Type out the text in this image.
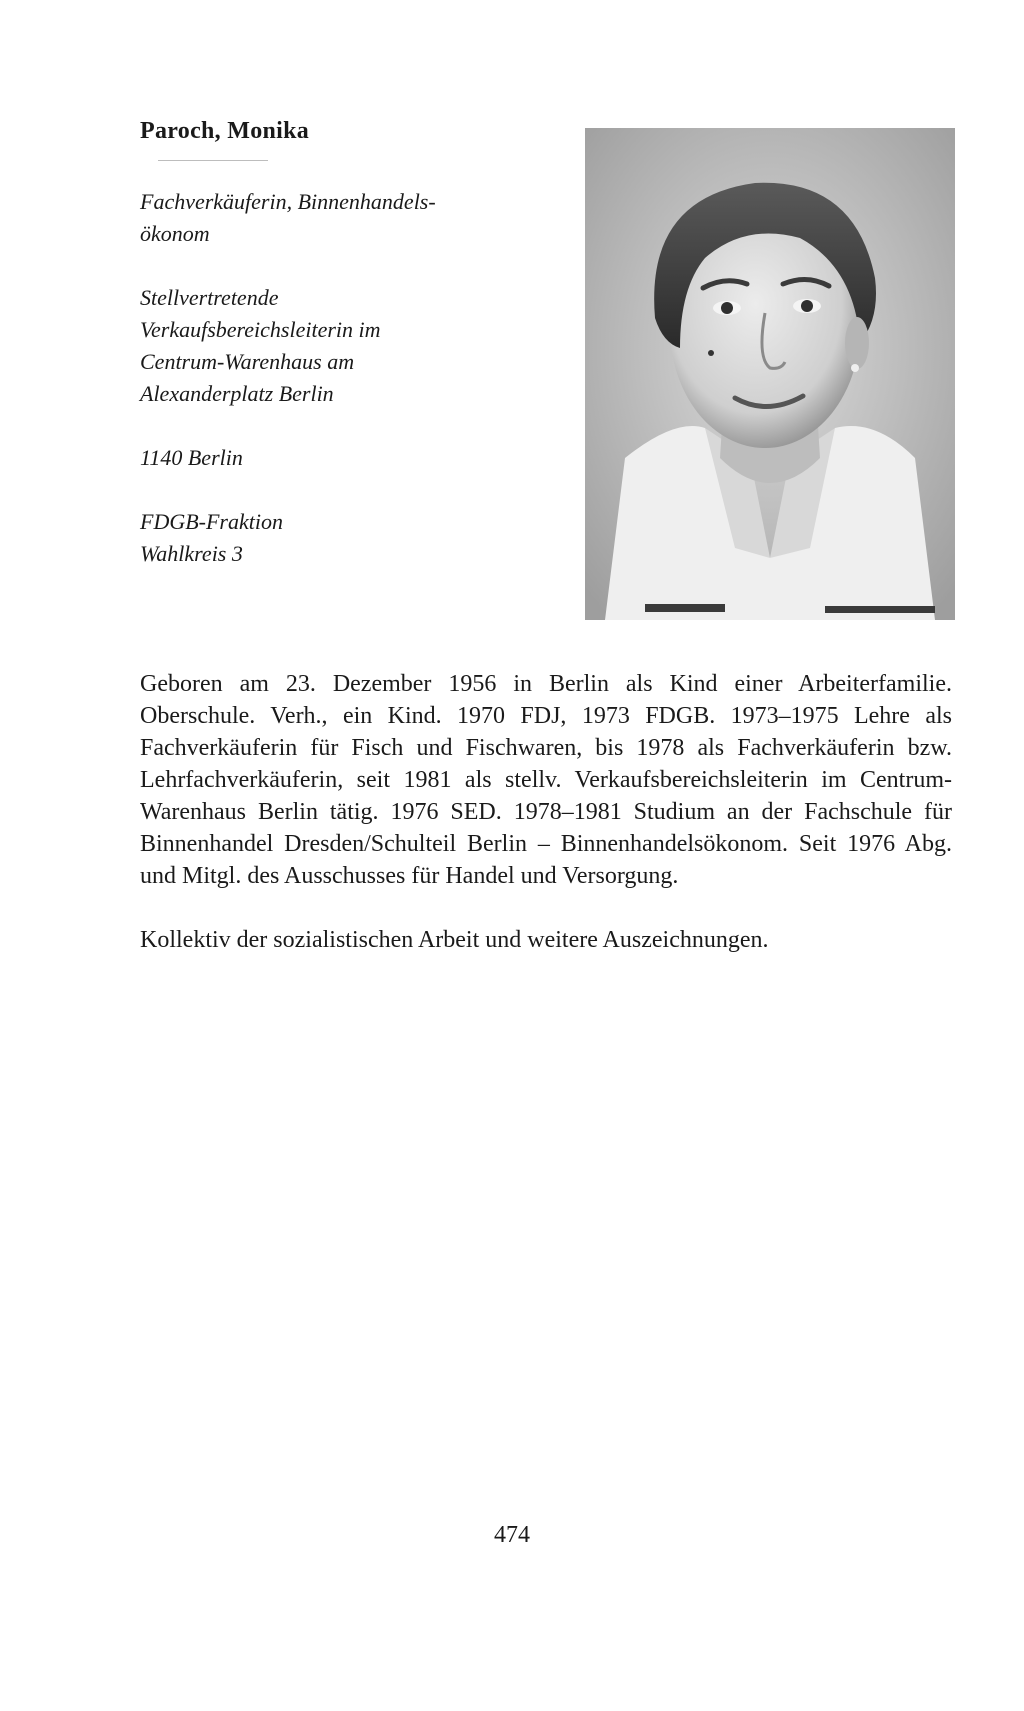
Paroch, Monika
Fachverkäuferin, Binnenhandels-
ökonom
Stellvertretende
Verkaufsbereichsleiterin im
Centrum-Warenhaus am
Alexanderplatz Berlin
1140 Berlin
FDGB-Fraktion
Wahlkreis 3

Geboren am 23. Dezember 1956 in Berlin als Kind einer Arbeiterfamilie. Oberschule. Verh., ein Kind. 1970 FDJ, 1973 FDGB. 1973–1975 Lehre als Fachverkäuferin für Fisch und Fischwaren, bis 1978 als Fachverkäuferin bzw. Lehrfachverkäuferin, seit 1981 als stellv. Verkaufsbereichsleiterin im Centrum-Warenhaus Berlin tätig. 1976 SED. 1978–1981 Studium an der Fachschule für Binnenhandel Dresden/Schulteil Berlin – Binnenhandelsökonom. Seit 1976 Abg. und Mitgl. des Ausschusses für Handel und Versorgung.

Kollektiv der sozialistischen Arbeit und weitere Auszeichnungen.

474
